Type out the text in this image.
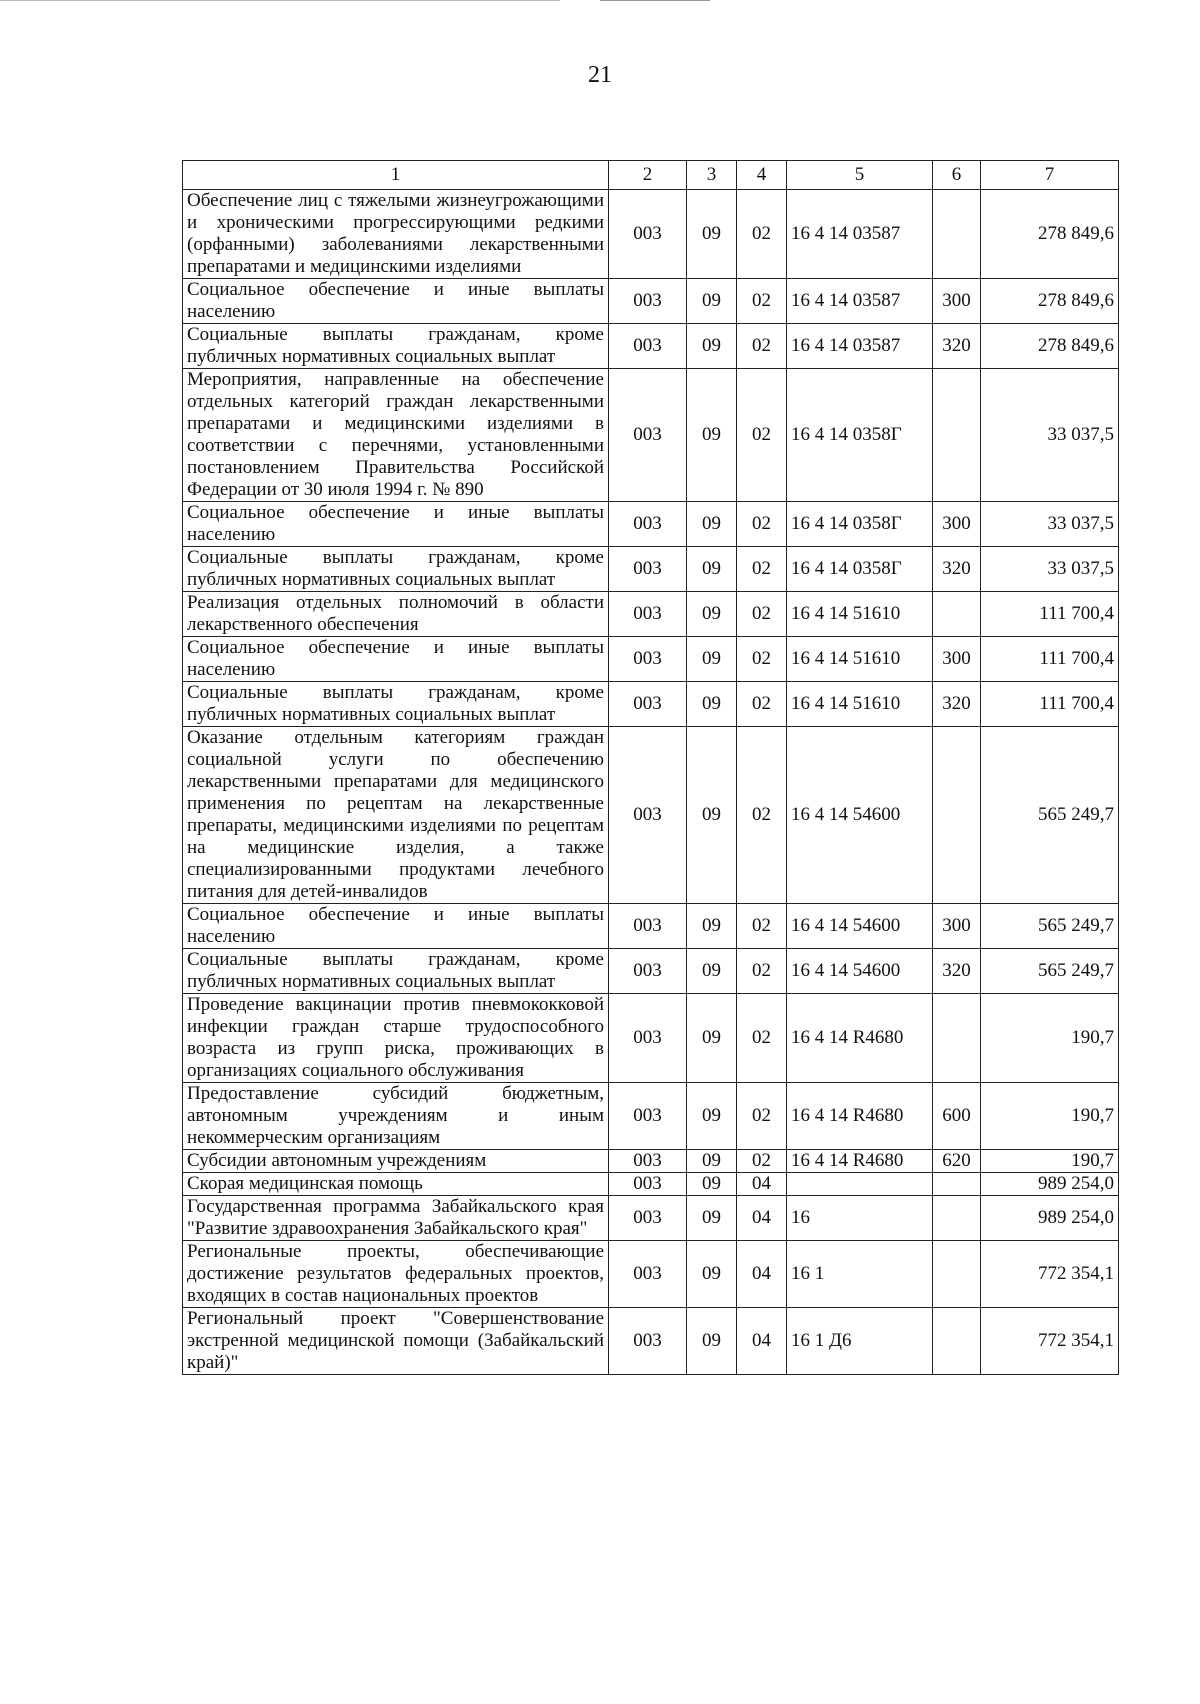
21
1	2	3	4	5	6	7
Обеспечение лиц с тяжелыми жизнеугрожающими и хроническими прогрессирующими редкими (орфанными) заболеваниями лекарственными препаратами и медицинскими изделиями	003	09	02	16 4 14 03587		278 849,6
Социальное обеспечение и иные выплаты населению	003	09	02	16 4 14 03587	300	278 849,6
Социальные выплаты гражданам, кроме публичных нормативных социальных выплат	003	09	02	16 4 14 03587	320	278 849,6
Мероприятия, направленные на обеспечение отдельных категорий граждан лекарственными препаратами и медицинскими изделиями в соответствии с перечнями, установленными постановлением Правительства Российской Федерации от 30 июля 1994 г. № 890	003	09	02	16 4 14 0358Г		33 037,5
Социальное обеспечение и иные выплаты населению	003	09	02	16 4 14 0358Г	300	33 037,5
Социальные выплаты гражданам, кроме публичных нормативных социальных выплат	003	09	02	16 4 14 0358Г	320	33 037,5
Реализация отдельных полномочий в области лекарственного обеспечения	003	09	02	16 4 14 51610		111 700,4
Социальное обеспечение и иные выплаты населению	003	09	02	16 4 14 51610	300	111 700,4
Социальные выплаты гражданам, кроме публичных нормативных социальных выплат	003	09	02	16 4 14 51610	320	111 700,4
Оказание отдельным категориям граждан социальной услуги по обеспечению лекарственными препаратами для медицинского применения по рецептам на лекарственные препараты, медицинскими изделиями по рецептам на медицинские изделия, а также специализированными продуктами лечебного питания для детей-инвалидов	003	09	02	16 4 14 54600		565 249,7
Социальное обеспечение и иные выплаты населению	003	09	02	16 4 14 54600	300	565 249,7
Социальные выплаты гражданам, кроме публичных нормативных социальных выплат	003	09	02	16 4 14 54600	320	565 249,7
Проведение вакцинации против пневмококковой инфекции граждан старше трудоспособного возраста из групп риска, проживающих в организациях социального обслуживания	003	09	02	16 4 14 R4680		190,7
Предоставление субсидий бюджетным, автономным учреждениям и иным некоммерческим организациям	003	09	02	16 4 14 R4680	600	190,7
Субсидии автономным учреждениям	003	09	02	16 4 14 R4680	620	190,7
Скорая медицинская помощь	003	09	04			989 254,0
Государственная программа Забайкальского края "Развитие здравоохранения Забайкальского края"	003	09	04	16		989 254,0
Региональные проекты, обеспечивающие достижение результатов федеральных проектов, входящих в состав национальных проектов	003	09	04	16 1		772 354,1
Региональный проект "Совершенствование экстренной медицинской помощи (Забайкальский край)"	003	09	04	16 1 Д6		772 354,1
